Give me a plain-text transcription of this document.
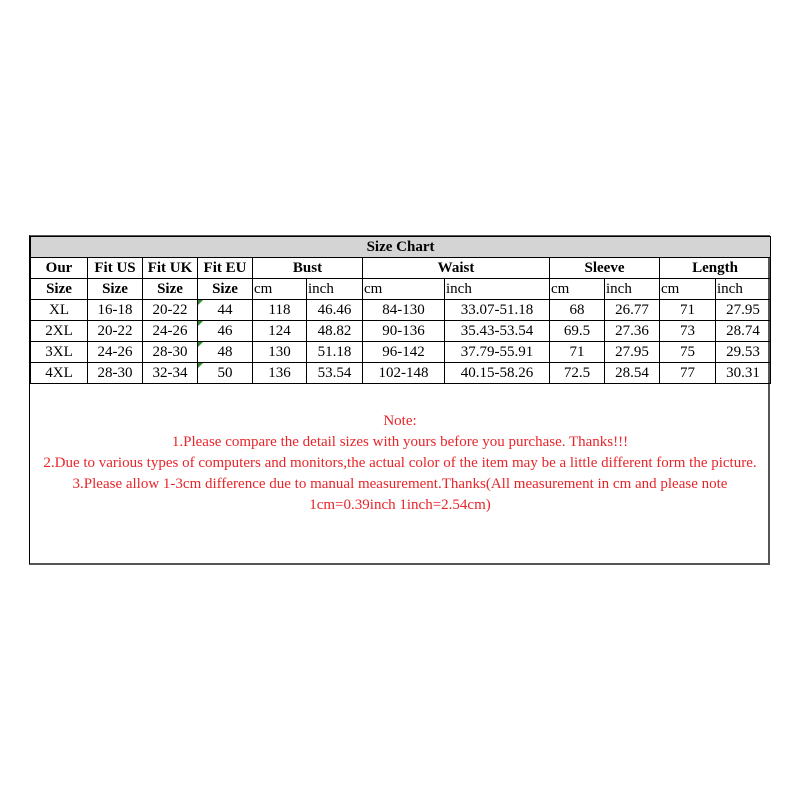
Size Chart											
Our	Fit US	Fit UK	Fit EU	Bust		Waist		Sleeve		Length	
Size	Size	Size	Size	cm	inch	cm	inch	cm	inch	cm	inch
XL	16-18	20-22	44	118	46.46	84-130	33.07-51.18	68	26.77	71	27.95
2XL	20-22	24-26	46	124	48.82	90-136	35.43-53.54	69.5	27.36	73	28.74
3XL	24-26	28-30	48	130	51.18	96-142	37.79-55.91	71	27.95	75	29.53
4XL	28-30	32-34	50	136	53.54	102-148	40.15-58.26	72.5	28.54	77	30.31
Note:
1.Please compare the detail sizes with yours before you purchase. Thanks!!!
2.Due to various types of computers and monitors,the actual color of the item may be a little different form the picture.
3.Please allow 1-3cm difference due to manual measurement.Thanks(All measurement in cm and please note 1cm=0.39inch 1inch=2.54cm)
